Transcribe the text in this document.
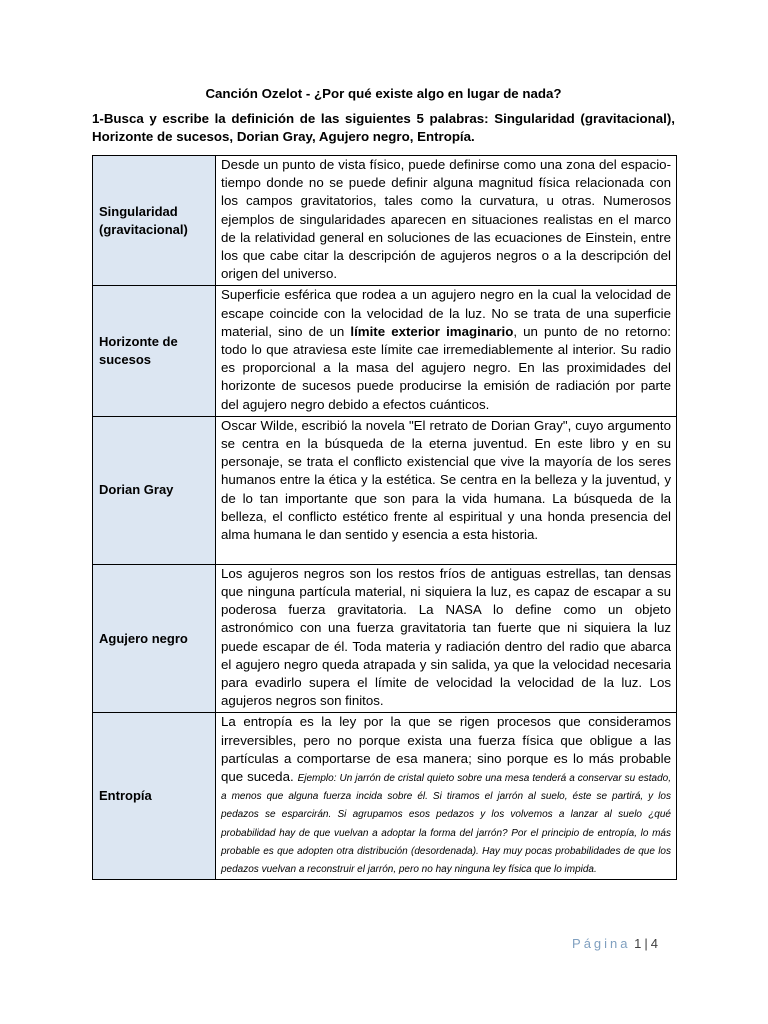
Canción Ozelot - ¿Por qué existe algo en lugar de nada?
1-Busca y escribe la definición de las siguientes 5 palabras: Singularidad (gravitacional), Horizonte de sucesos, Dorian Gray, Agujero negro, Entropía.
Singularidad (gravitacional)	Desde un punto de vista físico, puede definirse como una zona del espacio-tiempo donde no se puede definir alguna magnitud física relacionada con los campos gravitatorios, tales como la curvatura, u otras. Numerosos ejemplos de singularidades aparecen en situaciones realistas en el marco de la relatividad general en soluciones de las ecuaciones de Einstein, entre los que cabe citar la descripción de agujeros negros o a la descripción del origen del universo.

Horizonte de sucesos	Superficie esférica que rodea a un agujero negro en la cual la velocidad de escape coincide con la velocidad de la luz. No se trata de una superficie material, sino de un límite exterior imaginario, un punto de no retorno: todo lo que atraviesa este límite cae irremediablemente al interior. Su radio es proporcional a la masa del agujero negro. En las proximidades del horizonte de sucesos puede producirse la emisión de radiación por parte del agujero negro debido a efectos cuánticos.

Dorian Gray	Oscar Wilde, escribió la novela "El retrato de Dorian Gray", cuyo argumento se centra en la búsqueda de la eterna juventud. En este libro y en su personaje, se trata el conflicto existencial que vive la mayoría de los seres humanos entre la ética y la estética. Se centra en la belleza y la juventud, y de lo tan importante que son para la vida humana. La búsqueda de la belleza, el conflicto estético frente al espiritual y una honda presencia del alma humana le dan sentido y esencia a esta historia.

Agujero negro	Los agujeros negros son los restos fríos de antiguas estrellas, tan densas que ninguna partícula material, ni siquiera la luz, es capaz de escapar a su poderosa fuerza gravitatoria. La NASA lo define como un objeto astronómico con una fuerza gravitatoria tan fuerte que ni siquiera la luz puede escapar de él. Toda materia y radiación dentro del radio que abarca el agujero negro queda atrapada y sin salida, ya que la velocidad necesaria para evadirlo supera el límite de velocidad la velocidad de la luz. Los agujeros negros son finitos.

Entropía	La entropía es la ley por la que se rigen procesos que consideramos irreversibles, pero no porque exista una fuerza física que obligue a las partículas a comportarse de esa manera; sino porque es lo más probable que suceda. Ejemplo: Un jarrón de cristal quieto sobre una mesa tenderá a conservar su estado, a menos que alguna fuerza incida sobre él. Si tiramos el jarrón al suelo, éste se partirá, y los pedazos se esparcirán. Si agrupamos esos pedazos y los volvemos a lanzar al suelo ¿qué probabilidad hay de que vuelvan a adoptar la forma del jarrón? Por el principio de entropía, lo más probable es que adopten otra distribución (desordenada). Hay muy pocas probabilidades de que los pedazos vuelvan a reconstruir el jarrón, pero no hay ninguna ley física que lo impida.

Página 1 | 4
